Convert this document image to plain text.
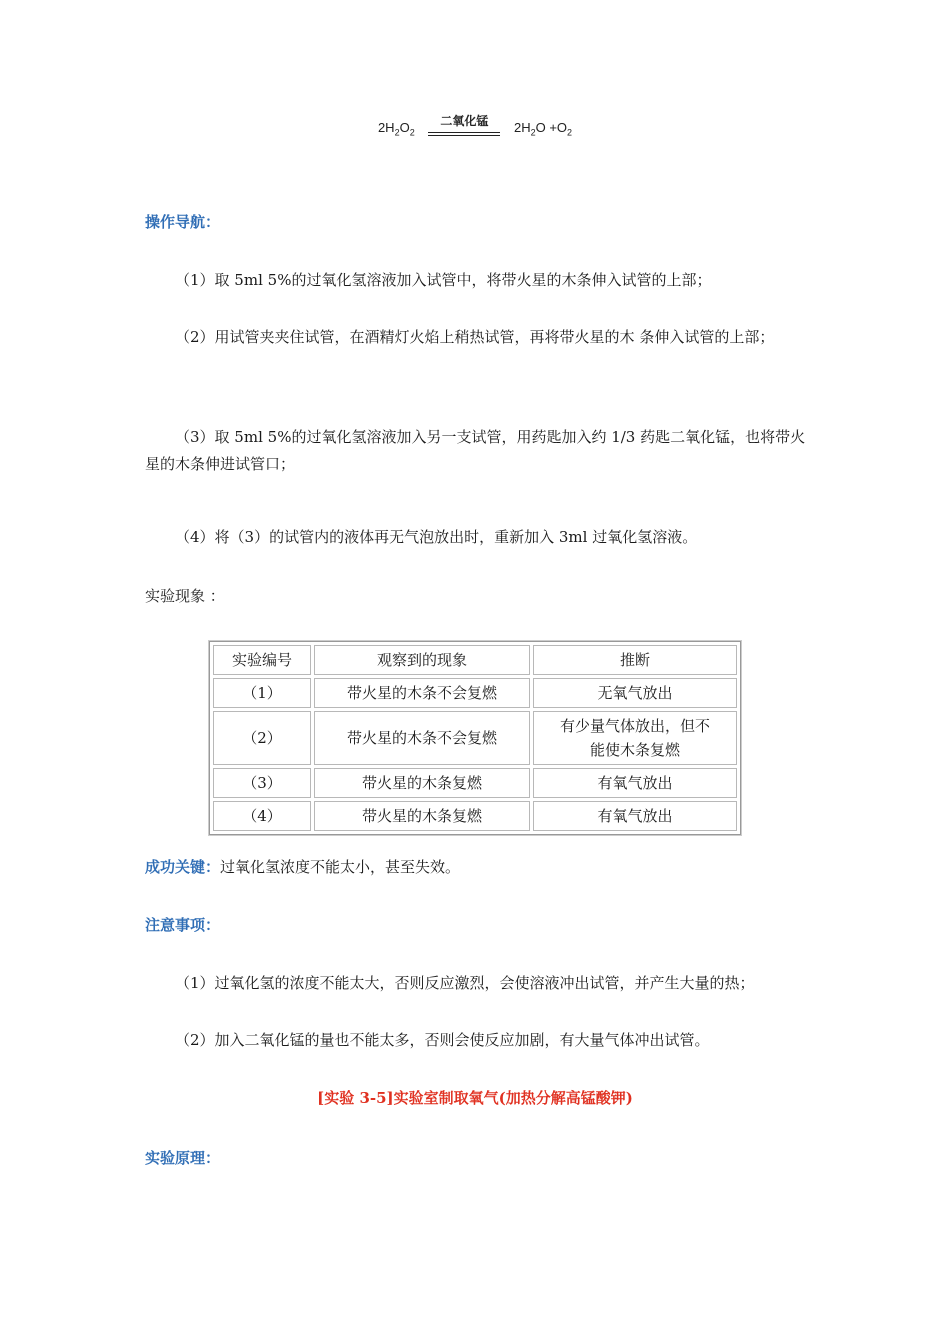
$2H_2O_2$
二氧化锰	$2H_2O +O_2$
操作导航：
（1）取 5ml 5%的过氧化氢溶液加入试管中，将带火星的木条伸入试管的上部；
（2）用试管夹夹住试管，在酒精灯火焰上稍热试管，再将带火星的木 条伸入试管的上部；
（3）取 5ml 5%的过氧化氢溶液加入另一支试管，用药匙加入约 1/3 药匙二氧化锰，也将带火星的木条伸进试管口；
（4）将（3）的试管内的液体再无气泡放出时，重新加入 3ml 过氧化氢溶液。
实验现象 ：
实验编号	观察到的现象	推断
（1）	带火星的木条不会复燃	无氧气放出
（2）	带火星的木条不会复燃	有少量气体放出，但不能使木条复燃
（3）	带火星的木条复燃	有氧气放出
（4）	带火星的木条复燃	有氧气放出
成功关键：过氧化氢浓度不能太小，甚至失效。
注意事项：
（1）过氧化氢的浓度不能太大，否则反应激烈，会使溶液冲出试管，并产生大量的热；
（2）加入二氧化锰的量也不能太多，否则会使反应加剧，有大量气体冲出试管。
[实验 3-5]实验室制取氧气(加热分解高锰酸钾)
实验原理：
